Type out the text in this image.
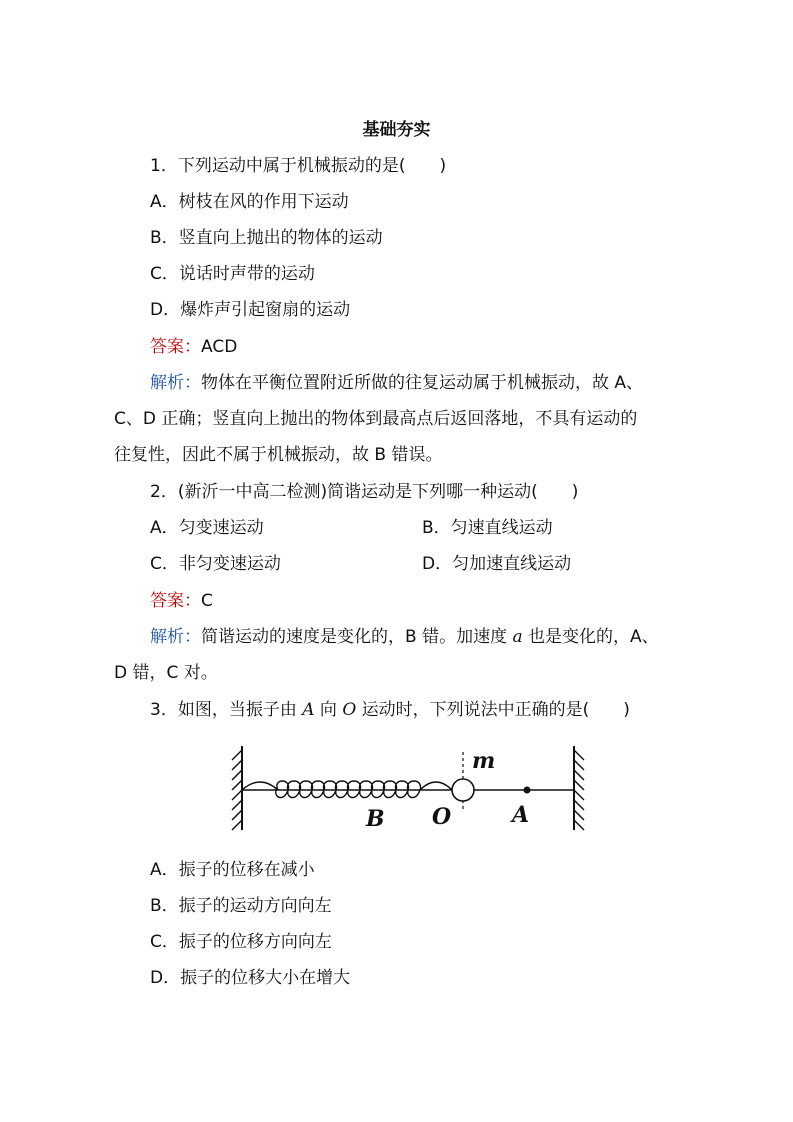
基础夯实
1．下列运动中属于机械振动的是(　　)
A．树枝在风的作用下运动
B．竖直向上抛出的物体的运动
C．说话时声带的运动
D．爆炸声引起窗扇的运动
答案：ACD
解析：物体在平衡位置附近所做的往复运动属于机械振动，故 A、
C、D 正确；竖直向上抛出的物体到最高点后返回落地，不具有运动的
往复性，因此不属于机械振动，故 B 错误。
2．(新沂一中高二检测)简谐运动是下列哪一种运动(　　)
A．匀变速运动	B．匀速直线运动
C．非匀变速运动	D．匀加速直线运动
答案：C
解析：简谐运动的速度是变化的，B 错。加速度 a 也是变化的，A、
D 错，C 对。
3．如图，当振子由 A 向 O 运动时，下列说法中正确的是(　　)
m
B O	A
A．振子的位移在减小
B．振子的运动方向向左
C．振子的位移方向向左
D．振子的位移大小在增大
